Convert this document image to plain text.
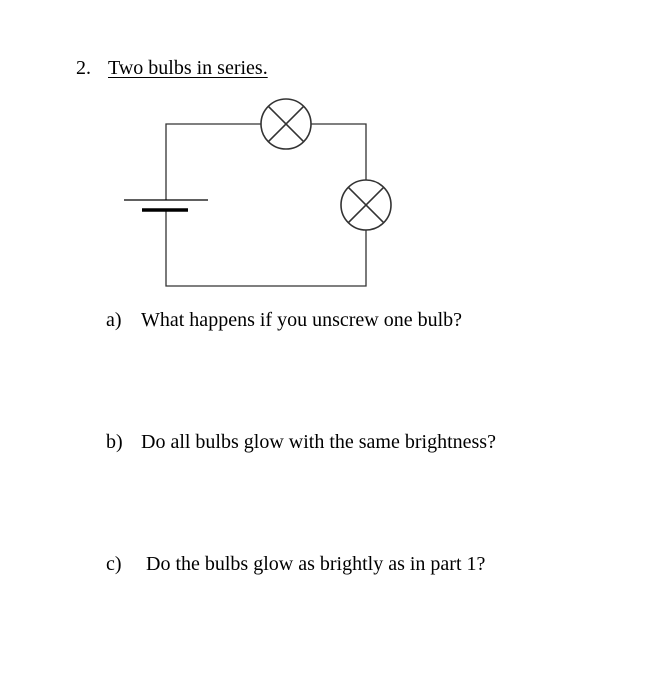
2. Two bulbs in series.
a) What happens if you unscrew one bulb?
b) Do all bulbs glow with the same brightness?
c) Do the bulbs glow as brightly as in part 1?
